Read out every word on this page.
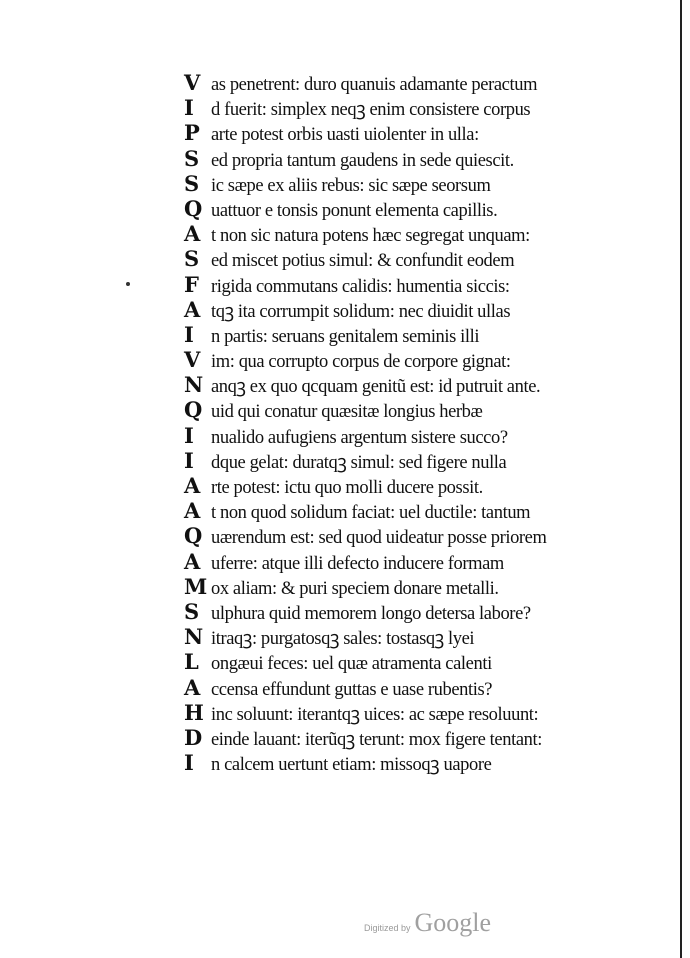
V as penetrent: duro quanuis adamante peractum
I d fuerit: simplex neqꝫ enim consistere corpus
P arte potest orbis uasti uiolenter in ulla:
S ed propria tantum gaudens in sede quiescit.
S ic sæpe ex aliis rebus: sic sæpe seorsum
Q uattuor e tonsis ponunt elementa capillis.
A t non sic natura potens hæc segregat unquam:
S ed miscet potius simul: & confundit eodem
F rigida commutans calidis: humentia siccis:
A tqꝫ ita corrumpit solidum: nec diuidit ullas
I n partis: seruans genitalem seminis illi
V im: qua corrupto corpus de corpore gignat:
N anqꝫ ex quo qcquam genitũ est: id putruit ante.
Q uid qui conatur quæsitæ longius herbæ
I nualido aufugiens argentum sistere succo?
I dque gelat: duratqꝫ simul: sed figere nulla
A rte potest: ictu quo molli ducere possit.
A t non quod solidum faciat: uel ductile: tantum
Q uærendum est: sed quod uideatur posse priorem
A uferre: atque illi defecto inducere formam
M ox aliam: & puri speciem donare metalli.
S ulphura quid memorem longo detersa labore?
N itraqꝫ: purgatosqꝫ sales: tostasqꝫ lyei
L ongæui feces: uel quæ atramenta calenti
A ccensa effundunt guttas e uase rubentis?
H inc soluunt: iterantqꝫ uices: ac sæpe resoluunt:
D einde lauant: iterũqꝫ terunt: mox figere tentant:
I n calcem uertunt etiam: missoqꝫ uapore
Digitized by Google
